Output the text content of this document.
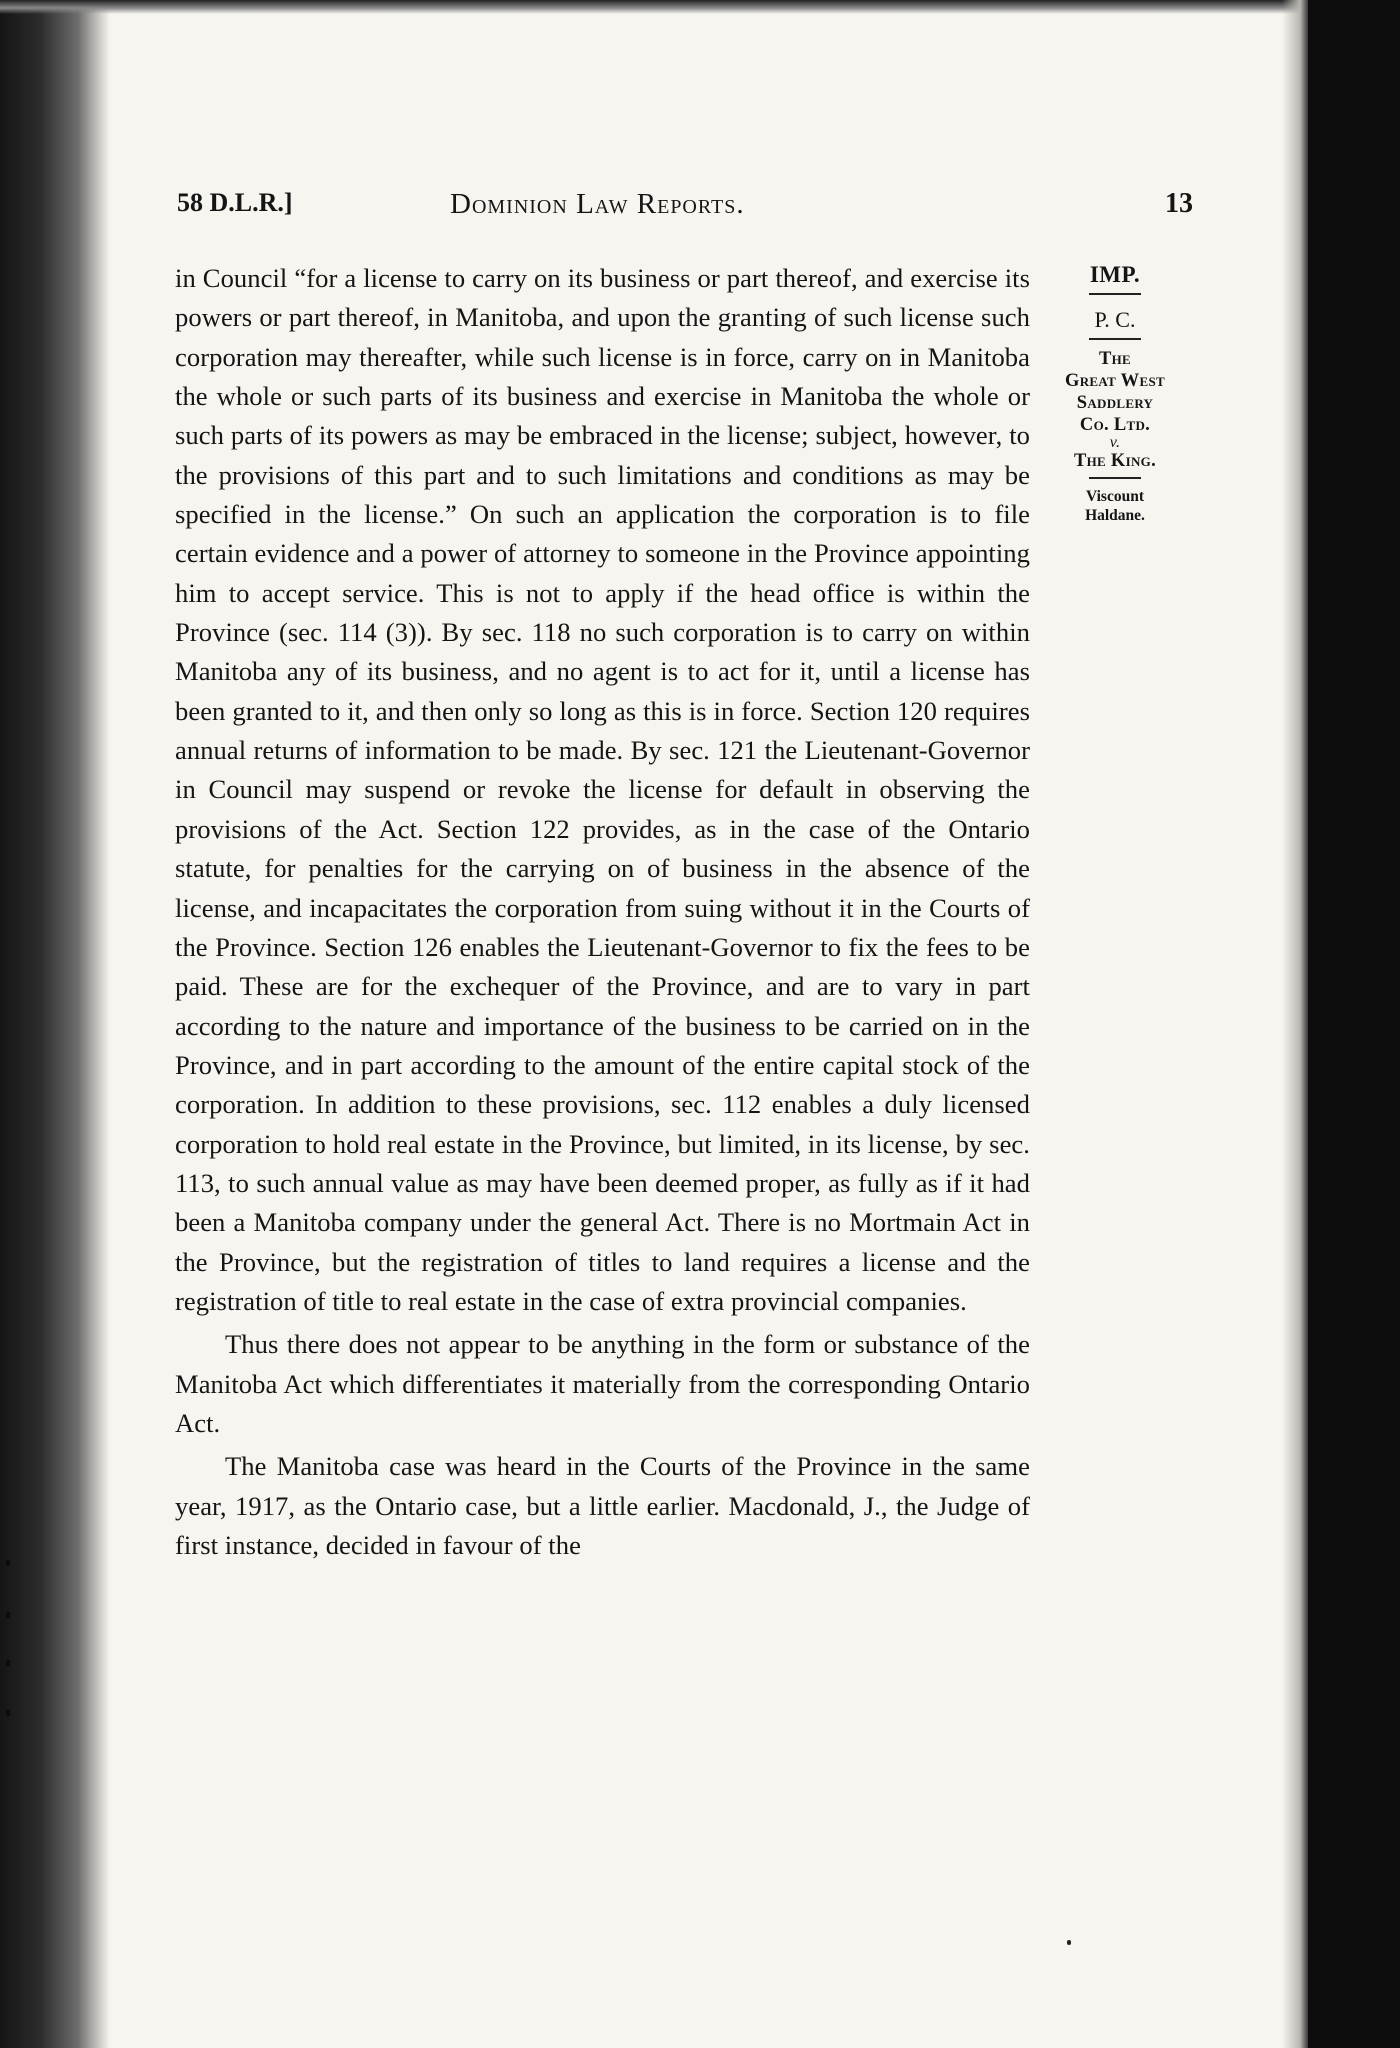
58 D.L.R.]	Dominion Law Reports.	13

in Council “for a license to carry on its business or part thereof, and exercise its powers or part thereof, in Manitoba, and upon the granting of such license such corporation may thereafter, while such license is in force, carry on in Manitoba the whole or such parts of its business and exercise in Manitoba the whole or such parts of its powers as may be embraced in the license; subject, however, to the provisions of this part and to such limitations and conditions as may be specified in the license.” On such an application the corporation is to file certain evidence and a power of attorney to someone in the Province appointing him to accept service. This is not to apply if the head office is within the Province (sec. 114 (3)). By sec. 118 no such corporation is to carry on within Manitoba any of its business, and no agent is to act for it, until a license has been granted to it, and then only so long as this is in force. Section 120 requires annual returns of information to be made. By sec. 121 the Lieutenant-Governor in Council may suspend or revoke the license for default in observing the provisions of the Act. Section 122 provides, as in the case of the Ontario statute, for penalties for the carrying on of business in the absence of the license, and incapacitates the corporation from suing without it in the Courts of the Province. Section 126 enables the Lieutenant-Governor to fix the fees to be paid. These are for the exchequer of the Province, and are to vary in part according to the nature and importance of the business to be carried on in the Province, and in part according to the amount of the entire capital stock of the corporation. In addition to these provisions, sec. 112 enables a duly licensed corporation to hold real estate in the Province, but limited, in its license, by sec. 113, to such annual value as may have been deemed proper, as fully as if it had been a Manitoba company under the general Act. There is no Mortmain Act in the Province, but the registration of titles to land requires a license and the registration of title to real estate in the case of extra provincial companies.

Thus there does not appear to be anything in the form or substance of the Manitoba Act which differentiates it materially from the corresponding Ontario Act.

The Manitoba case was heard in the Courts of the Province in the same year, 1917, as the Ontario case, but a little earlier. Macdonald, J., the Judge of first instance, decided in favour of the

IMP.
P. C.
The
Great West
Saddlery
Co. Ltd.
v.
The King.
Viscount
Haldane.
